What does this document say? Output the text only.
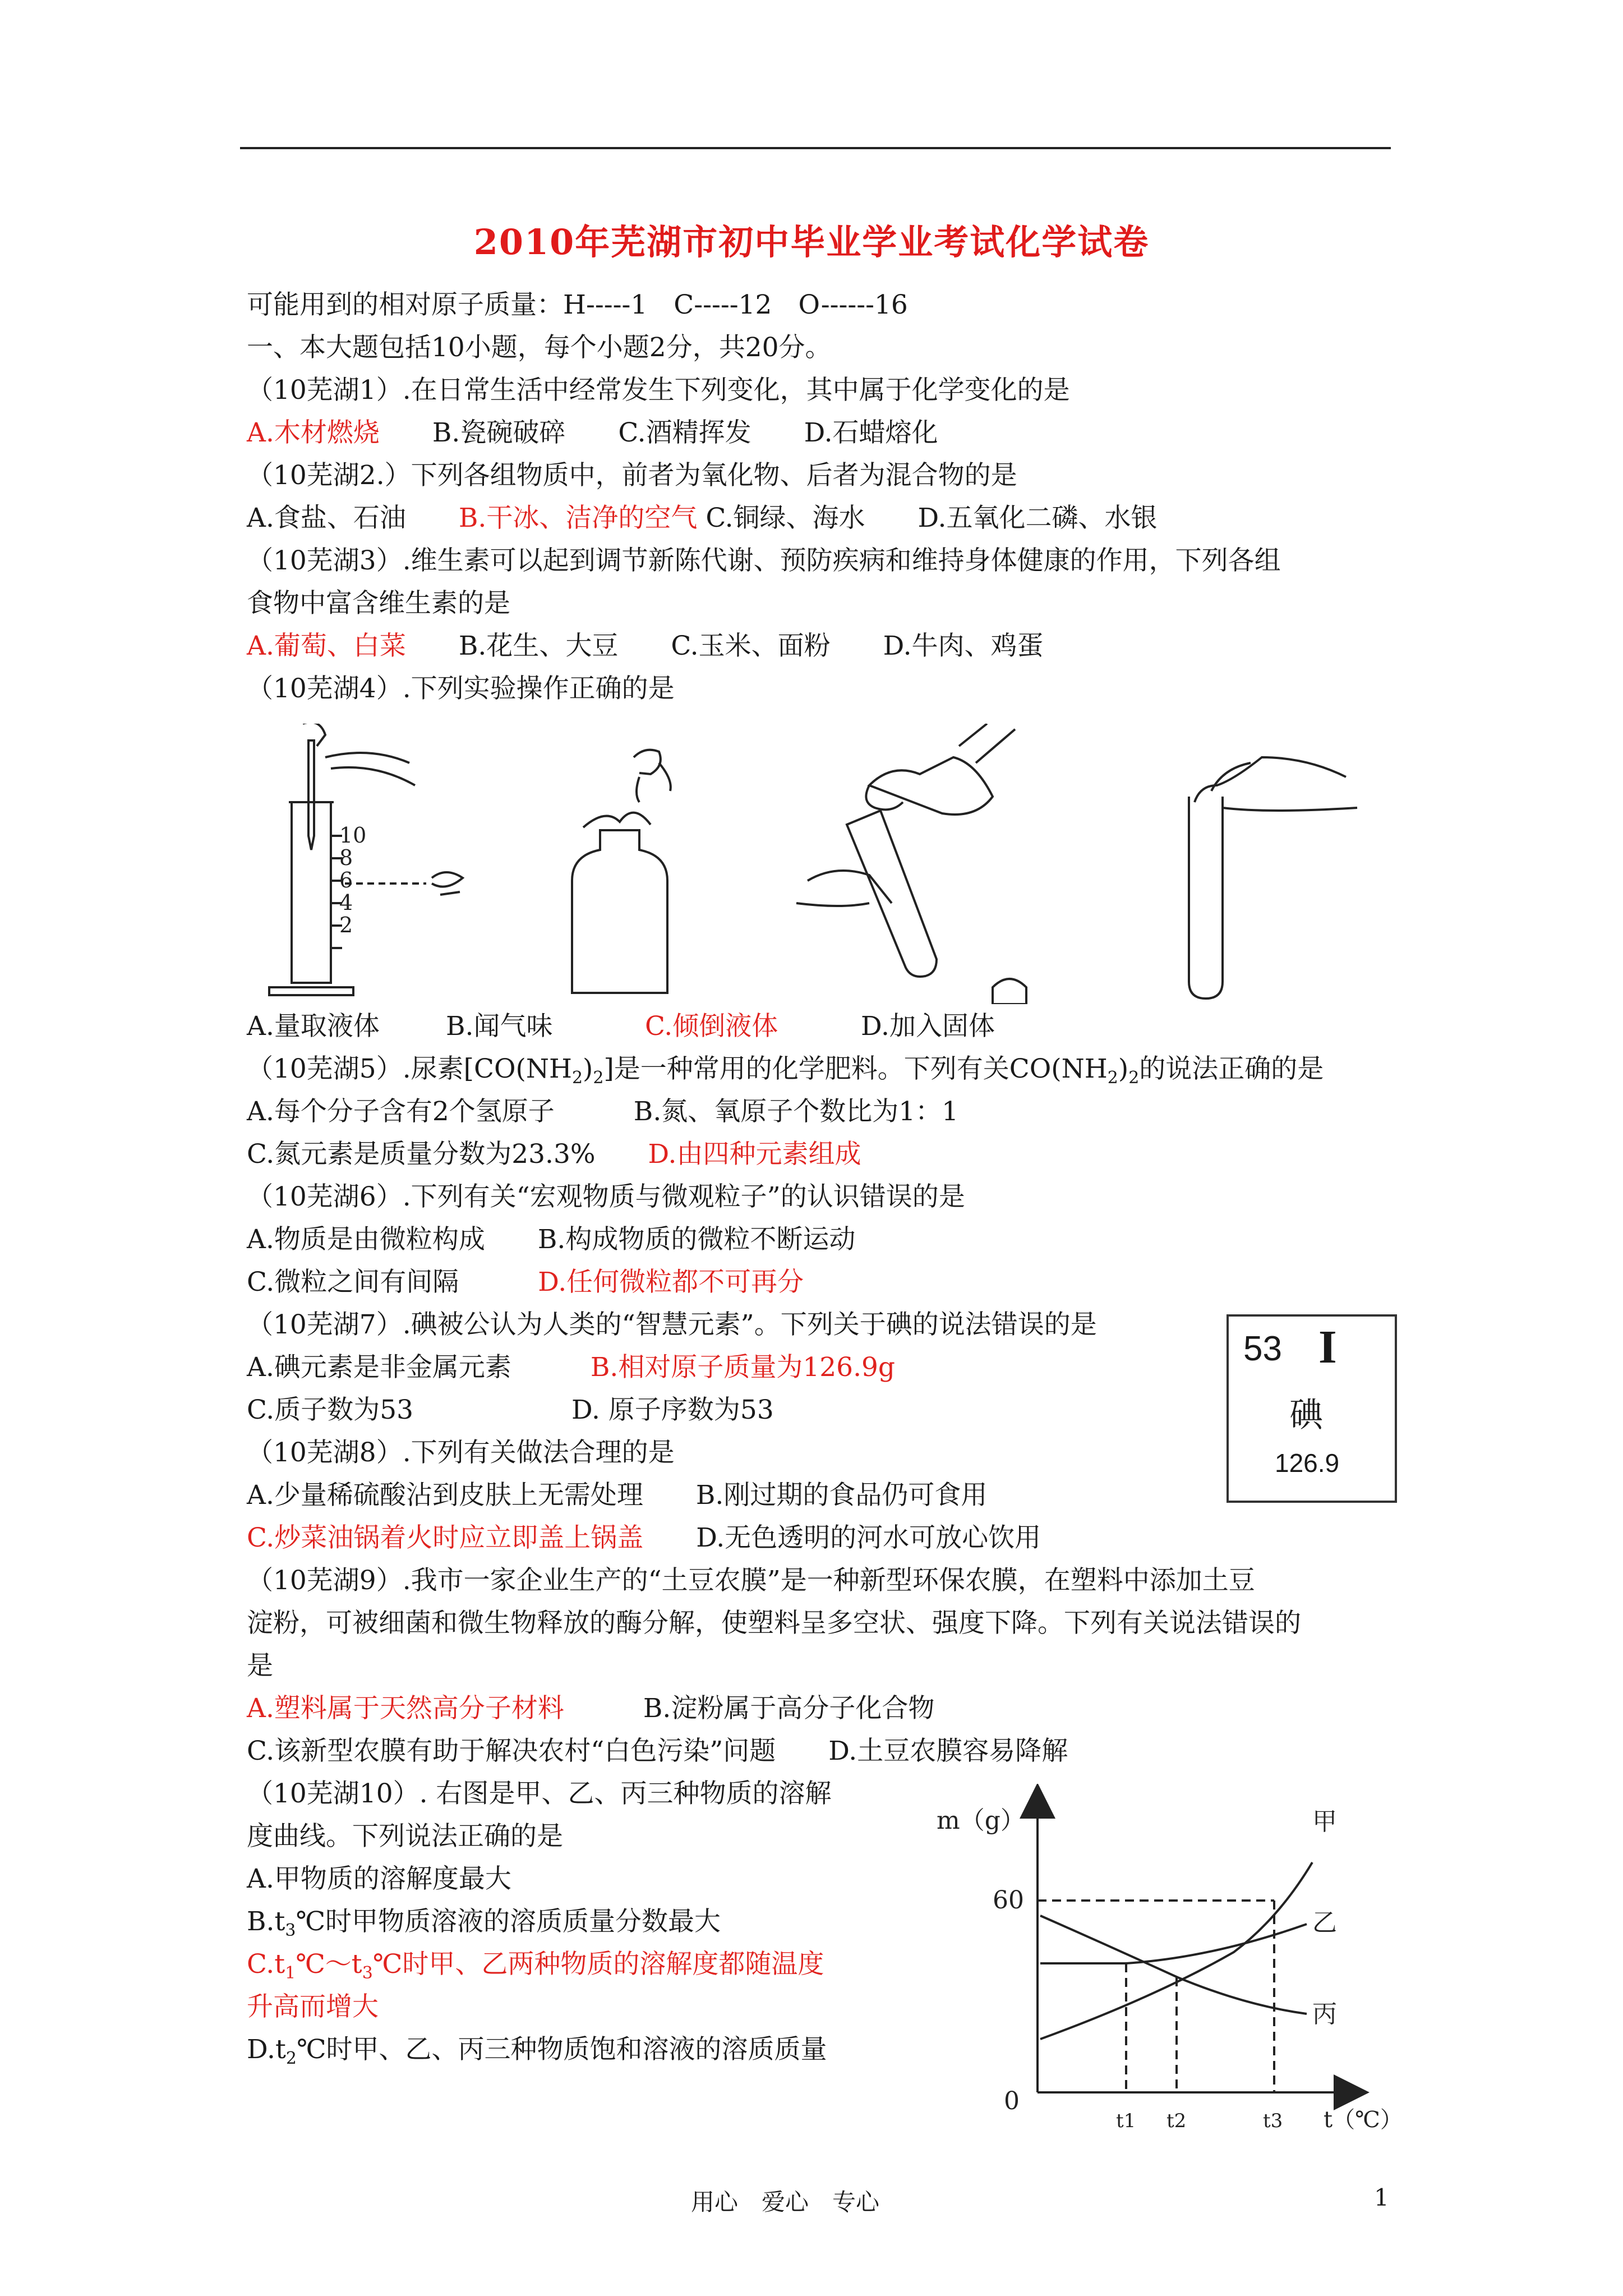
2010年芜湖市初中毕业学业考试化学试卷
可能用到的相对原子质量：H-----1　C-----12　O------16
一、本大题包括10小题，每个小题2分，共20分。
（10芜湖1）.在日常生活中经常发生下列变化，其中属于化学变化的是
A.木材燃烧　　B.瓷碗破碎　　C.酒精挥发　　D.石蜡熔化
（10芜湖2.）下列各组物质中，前者为氧化物、后者为混合物的是
A.食盐、石油　　B.干冰、洁净的空气 C.铜绿、海水　　D.五氧化二磷、水银
（10芜湖3）.维生素可以起到调节新陈代谢、预防疾病和维持身体健康的作用，下列各组
食物中富含维生素的是
A.葡萄、白菜　　B.花生、大豆　　C.玉米、面粉　　D.牛肉、鸡蛋
（10芜湖4）.下列实验操作正确的是
10
8
6
4
2
A.量取液体	B.闻气味	C.倾倒液体	D.加入固体
（10芜湖5）.尿素$[CO(NH_2)_2]$是一种常用的化学肥料。下列有关$CO(NH_2)_2$的说法正确的是
A.每个分子含有2个氢原子　　　B.氮、氧原子个数比为1：1
C.氮元素是质量分数为23.3%　　D.由四种元素组成
（10芜湖6）.下列有关“宏观物质与微观粒子”的认识错误的是
A.物质是由微粒构成　　B.构成物质的微粒不断运动
C.微粒之间有间隔　　　D.任何微粒都不可再分
（10芜湖7）.碘被公认为人类的“智慧元素”。下列关于碘的说法错误的是
A.碘元素是非金属元素　　　B.相对原子质量为126.9g
C.质子数为53　　　　　　D. 原子序数为53
53 I
碘
126.9
（10芜湖8）.下列有关做法合理的是
A.少量稀硫酸沾到皮肤上无需处理　　B.刚过期的食品仍可食用
C.炒菜油锅着火时应立即盖上锅盖　　D.无色透明的河水可放心饮用
（10芜湖9）.我市一家企业生产的“土豆农膜”是一种新型环保农膜，在塑料中添加土豆
淀粉，可被细菌和微生物释放的酶分解，使塑料呈多空状、强度下降。下列有关说法错误的
是
A.塑料属于天然高分子材料　　　B.淀粉属于高分子化合物
C.该新型农膜有助于解决农村“白色污染”问题　　D.土豆农膜容易降解
（10芜湖10）. 右图是甲、乙、丙三种物质的溶解
度曲线。下列说法正确的是
A.甲物质的溶解度最大
$B.t_3℃$时甲物质溶液的溶质质量分数最大
$C.t_1℃\sim t_3℃$时甲、乙两种物质的溶解度都随温度
升高而增大
$D.t_2℃$时甲、乙、丙三种物质饱和溶液的溶质质量
m（g）
60
0
甲
乙
丙
t1 t2	t3 t（℃）
用心　爱心　专心	1
